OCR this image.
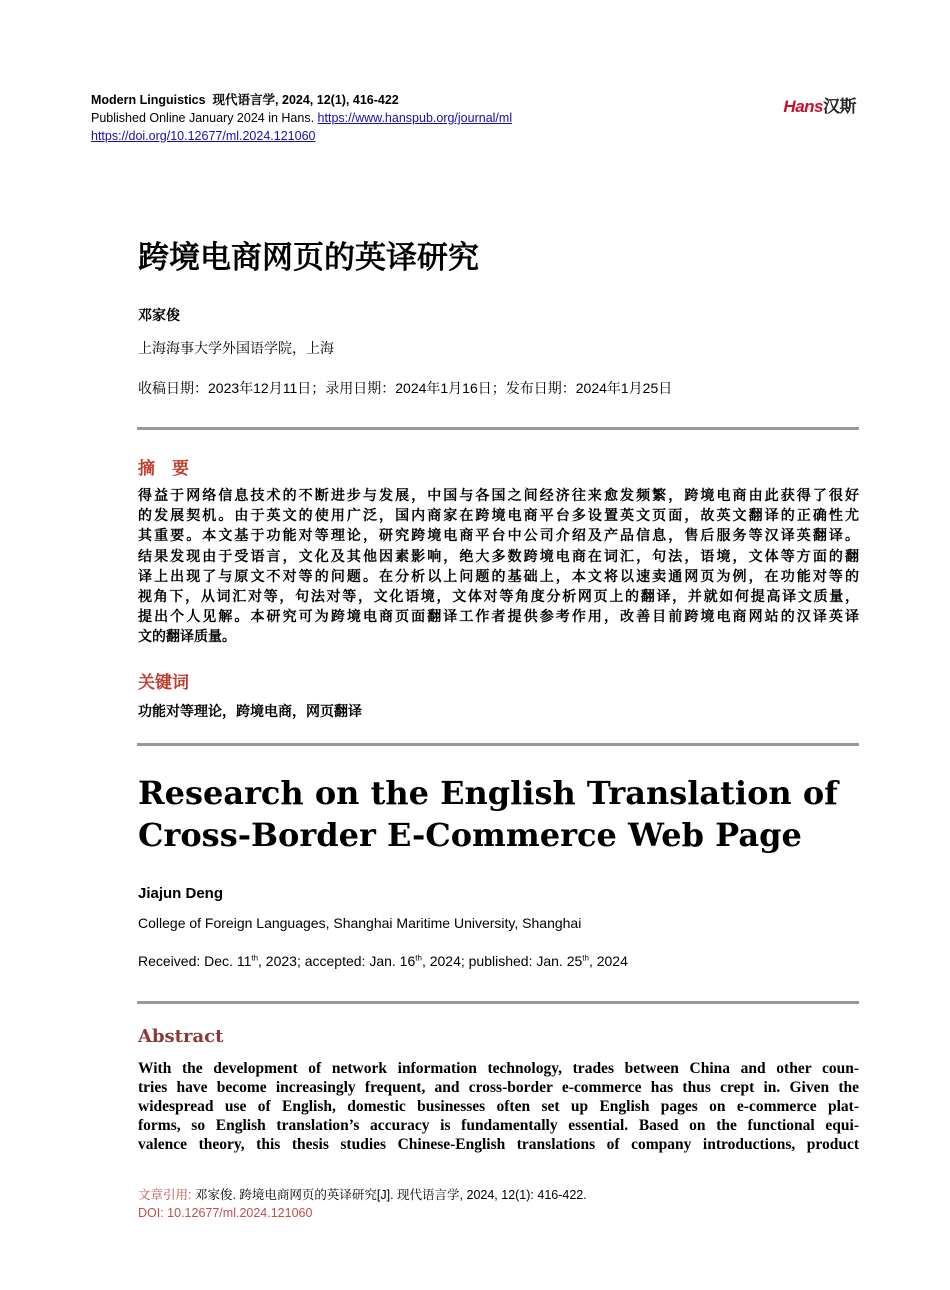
Modern Linguistics 现代语言学, 2024, 12(1), 416-422
Published Online January 2024 in Hans. https://www.hanspub.org/journal/ml
https://doi.org/10.12677/ml.2024.121060
Hans汉斯
跨境电商网页的英译研究
邓家俊
上海海事大学外国语学院，上海
收稿日期：2023年12月11日；录用日期：2024年1月16日；发布日期：2024年1月25日
摘　要
得益于网络信息技术的不断进步与发展，中国与各国之间经济往来愈发频繁，跨境电商由此获得了很好
的发展契机。由于英文的使用广泛，国内商家在跨境电商平台多设置英文页面，故英文翻译的正确性尤
其重要。本文基于功能对等理论，研究跨境电商平台中公司介绍及产品信息，售后服务等汉译英翻译。
结果发现由于受语言，文化及其他因素影响，绝大多数跨境电商在词汇，句法，语境，文体等方面的翻
译上出现了与原文不对等的问题。在分析以上问题的基础上，本文将以速卖通网页为例，在功能对等的
视角下，从词汇对等，句法对等，文化语境，文体对等角度分析网页上的翻译，并就如何提高译文质量，
提出个人见解。本研究可为跨境电商页面翻译工作者提供参考作用，改善目前跨境电商网站的汉译英译
文的翻译质量。
关键词
功能对等理论，跨境电商，网页翻译
Research on the English Translation of
Cross-Border E-Commerce Web Page
Jiajun Deng
College of Foreign Languages, Shanghai Maritime University, Shanghai
Received: Dec. 11th, 2023; accepted: Jan. 16th, 2024; published: Jan. 25th, 2024
Abstract
With the development of network information technology, trades between China and other coun-
tries have become increasingly frequent, and cross-border e-commerce has thus crept in. Given the
widespread use of English, domestic businesses often set up English pages on e-commerce plat-
forms, so English translation’s accuracy is fundamentally essential. Based on the functional equi-
valence theory, this thesis studies Chinese-English translations of company introductions, product
文章引用: 邓家俊. 跨境电商网页的英译研究[J]. 现代语言学, 2024, 12(1): 416-422.
DOI: 10.12677/ml.2024.121060
